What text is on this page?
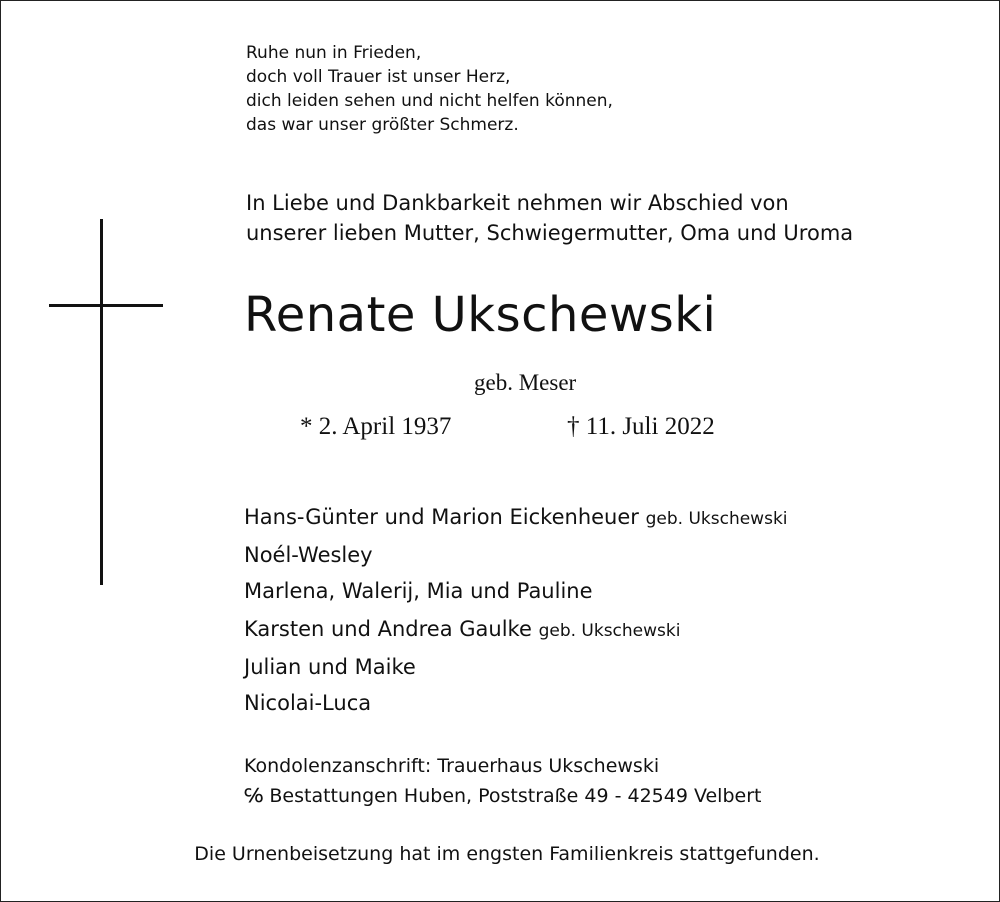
Ruhe nun in Frieden,
doch voll Trauer ist unser Herz,
dich leiden sehen und nicht helfen können,
das war unser größter Schmerz.
In Liebe und Dankbarkeit nehmen wir Abschied von
unserer lieben Mutter, Schwiegermutter, Oma und Uroma
Renate Ukschewski
geb. Meser
* 2. April 1937	† 11. Juli 2022
Hans-Günter und Marion Eickenheuer geb. Ukschewski
Noél-Wesley
Marlena, Walerij, Mia und Pauline
Karsten und Andrea Gaulke geb. Ukschewski
Julian und Maike
Nicolai-Luca
Kondolenzanschrift: Trauerhaus Ukschewski
℅ Bestattungen Huben, Poststraße 49 - 42549 Velbert
Die Urnenbeisetzung hat im engsten Familienkreis stattgefunden.
